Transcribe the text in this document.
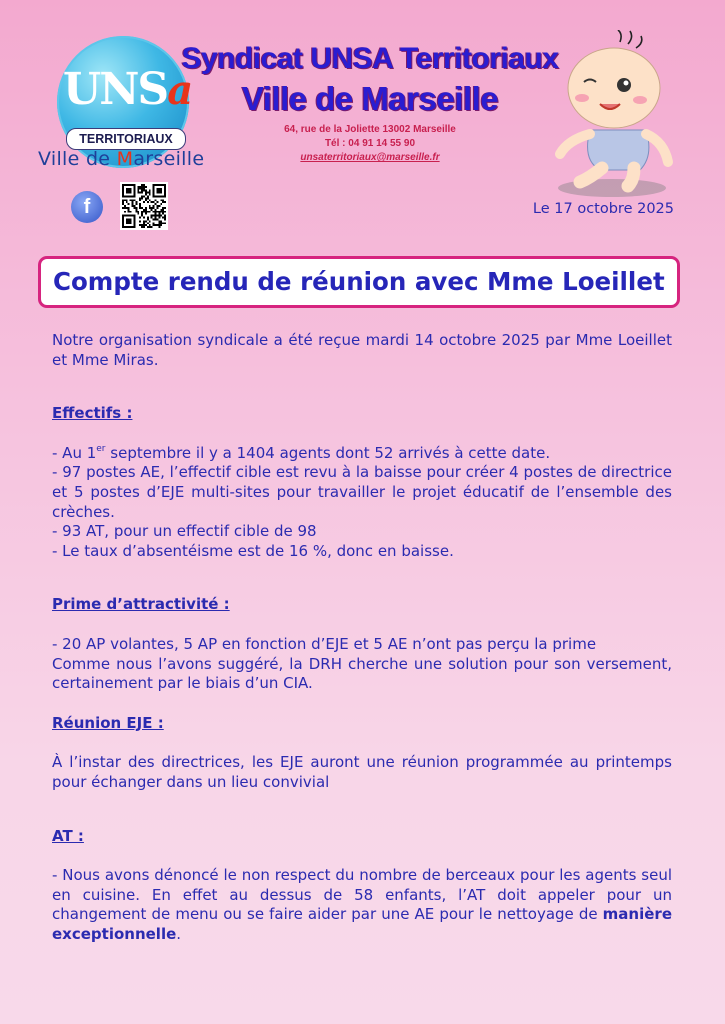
UNSa
TERRITORIAUX
Ville de Marseille
f
Syndicat UNSA Territoriaux
Ville de Marseille
64, rue de la Joliette 13002 Marseille
Tél : 04 91 14 55 90
unsaterritoriaux@marseille.fr
Le 17 octobre 2025
Compte rendu de réunion avec Mme Loeillet

Notre organisation syndicale a été reçue mardi 14 octobre 2025 par Mme Loeillet et Mme Miras.

Effectifs :

- Au 1er septembre il y a 1404 agents dont 52 arrivés à cette date.

- 97 postes AE, l’effectif cible est revu à la baisse pour créer 4 postes de directrice et 5 postes d’EJE multi-sites pour travailler le projet éducatif de l’ensemble des crèches.

- 93 AT, pour un effectif cible de 98

- Le taux d’absentéisme est de 16 %, donc en baisse.

Prime d’attractivité :

- 20 AP volantes, 5 AP en fonction d’EJE et 5 AE n’ont pas perçu la prime

Comme nous l’avons suggéré, la DRH cherche une solution pour son versement, certainement par le biais d’un CIA.

Réunion EJE :

À l’instar des directrices, les EJE auront une réunion programmée au printemps pour échanger dans un lieu convivial

AT :

- Nous avons dénoncé le non respect du nombre de berceaux pour les agents seul en cuisine. En effet au dessus de 58 enfants, l’AT doit appeler pour un changement de menu ou se faire aider par une AE pour le nettoyage de manière exceptionnelle.
